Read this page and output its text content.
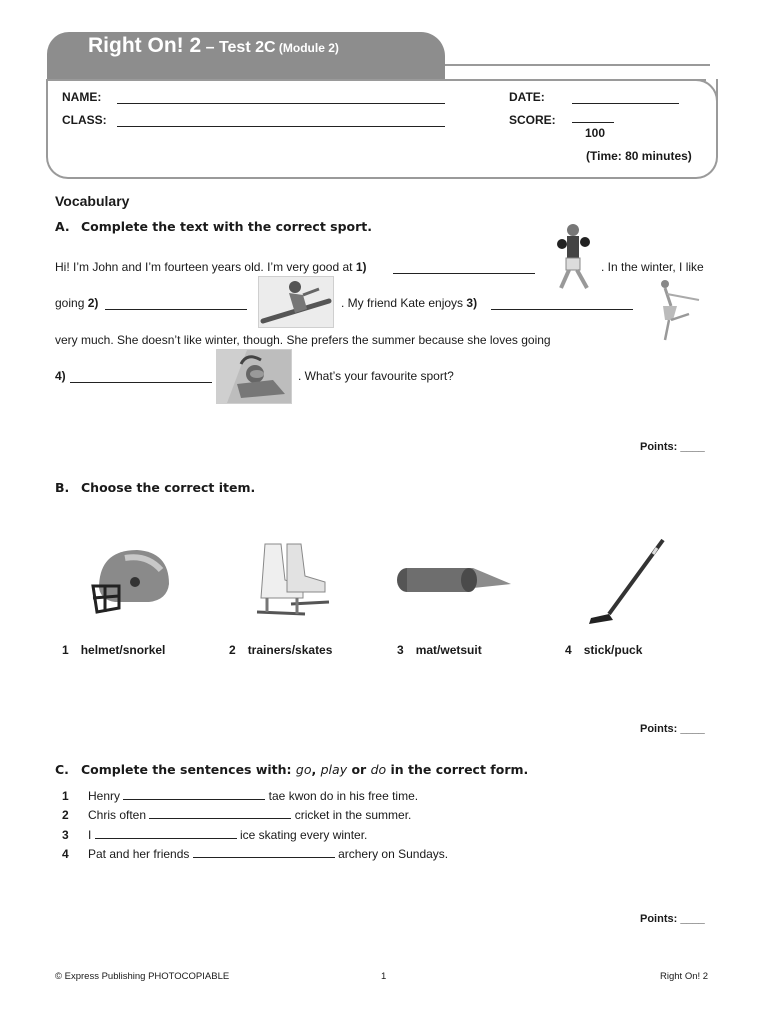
Right On! 2 – Test 2C (Module 2)
NAME:
CLASS:
DATE:
SCORE:
100
(Time: 80 minutes)
Vocabulary
A. Complete the text with the correct sport.
Hi! I’m John and I’m fourteen years old. I’m very good at 1)	. In the winter, I like
going 2)	. My friend Kate enjoys 3)
very much. She doesn’t like winter, though. She prefers the summer because she loves going
4)	. What’s your favourite sport?
Points: ____
B. Choose the correct item.
1 helmet/snorkel	2 trainers/skates	3 mat/wetsuit	4 stick/puck
Points: ____
C. Complete the sentences with: go, play or do in the correct form.
1 Henry	tae kwon do in his free time.
2 Chris often	cricket in the summer.
3 I	ice skating every winter.
4 Pat and her friends	archery on Sundays.
Points: ____
© Express Publishing PHOTOCOPIABLE	1	Right On! 2
